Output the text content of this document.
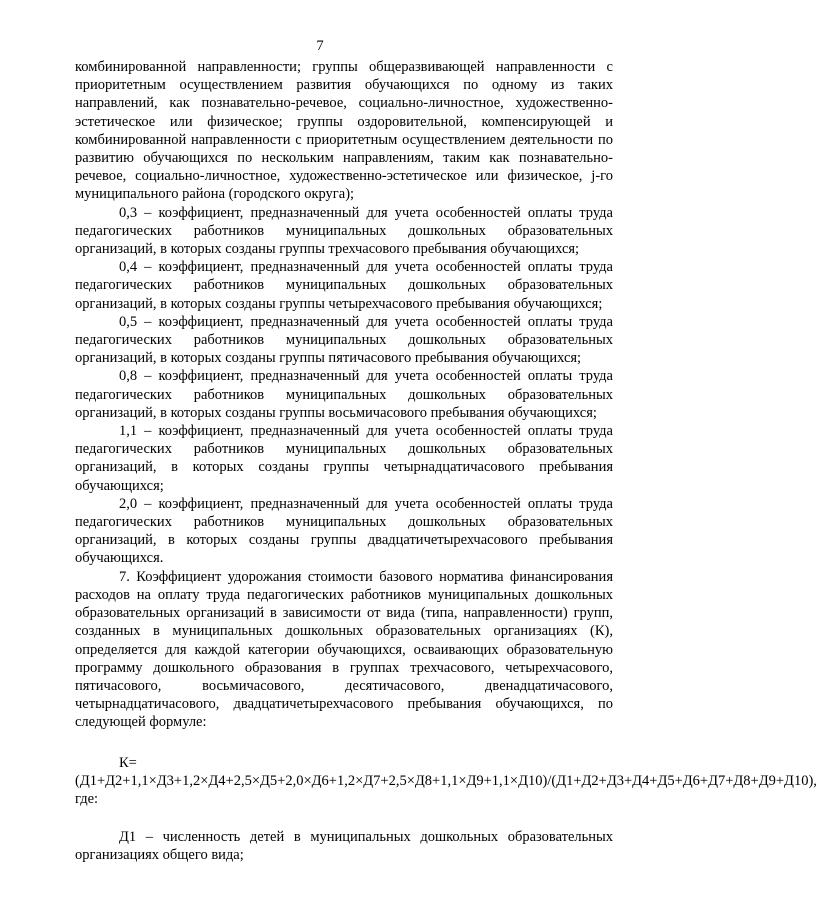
7

комбинированной направленности; группы общеразвивающей направленности с приоритетным осуществлением развития обучающихся по одному из таких направлений, как познавательно-речевое, социально-личностное, художественно-эстетическое или физическое; группы оздоровительной, компенсирующей и комбинированной направленности с приоритетным осуществлением деятельности по развитию обучающихся по нескольким направлениям, таким как познавательно-речевое, социально-личностное, художественно-эстетическое или физическое, j-го муниципального района (городского округа);

0,3 – коэффициент, предназначенный для учета особенностей оплаты труда педагогических работников муниципальных дошкольных образовательных организаций, в которых созданы группы трехчасового пребывания обучающихся;

0,4 – коэффициент, предназначенный для учета особенностей оплаты труда педагогических работников муниципальных дошкольных образовательных организаций, в которых созданы группы четырехчасового пребывания обучающихся;

0,5 – коэффициент, предназначенный для учета особенностей оплаты труда педагогических работников муниципальных дошкольных образовательных организаций, в которых созданы группы пятичасового пребывания обучающихся;

0,8 – коэффициент, предназначенный для учета особенностей оплаты труда педагогических работников муниципальных дошкольных образовательных организаций, в которых созданы группы восьмичасового пребывания обучающихся;

1,1 – коэффициент, предназначенный для учета особенностей оплаты труда педагогических работников муниципальных дошкольных образовательных организаций, в которых созданы группы четырнадцатичасового пребывания обучающихся;

2,0 – коэффициент, предназначенный для учета особенностей оплаты труда педагогических работников муниципальных дошкольных образовательных организаций, в которых созданы группы двадцатичетырехчасового пребывания обучающихся.

7. Коэффициент удорожания стоимости базового норматива финансирования расходов на оплату труда педагогических работников муниципальных дошкольных образовательных организаций в зависимости от вида (типа, направленности) групп, созданных в муниципальных дошкольных образовательных организациях (К), определяется для каждой категории обучающихся, осваивающих образовательную программу дошкольного образования в группах трехчасового, четырехчасового, пятичасового, восьмичасового, десятичасового, двенадцатичасового, четырнадцатичасового, двадцатичетырехчасового пребывания обучающихся, по следующей формуле:

К=(Д1+Д2+1,1×Д3+1,2×Д4+2,5×Д5+2,0×Д6+1,2×Д7+2,5×Д8+1,1×Д9+1,1×Д10)/(Д1+Д2+Д3+Д4+Д5+Д6+Д7+Д8+Д9+Д10), где:

Д1 – численность детей в муниципальных дошкольных образовательных организациях общего вида;
